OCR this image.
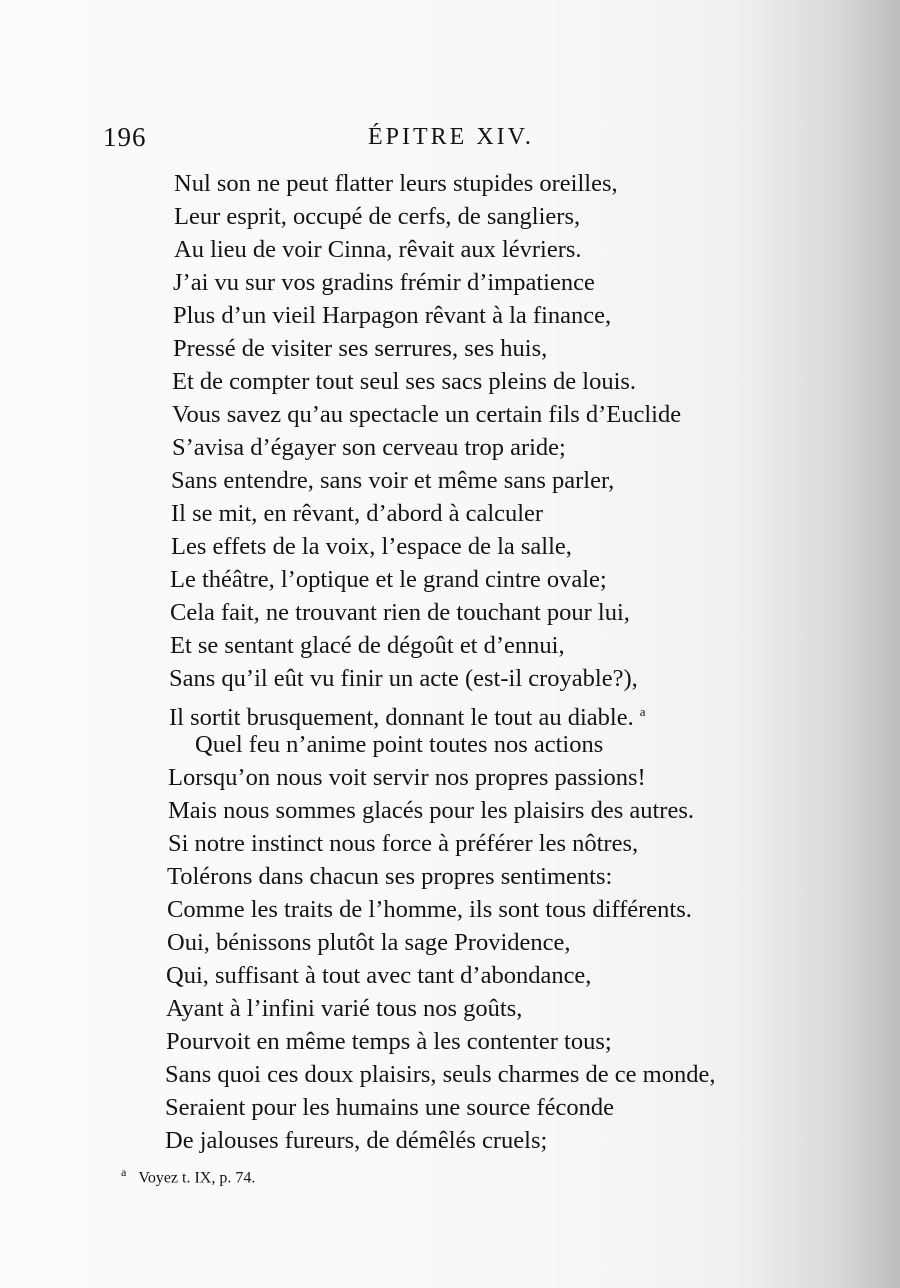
196	ÉPITRE XIV.
Nul son ne peut flatter leurs stupides oreilles,
Leur esprit, occupé de cerfs, de sangliers,
Au lieu de voir Cinna, rêvait aux lévriers.
J’ai vu sur vos gradins frémir d’impatience
Plus d’un vieil Harpagon rêvant à la finance,
Pressé de visiter ses serrures, ses huis,
Et de compter tout seul ses sacs pleins de louis.
Vous savez qu’au spectacle un certain fils d’Euclide
S’avisa d’égayer son cerveau trop aride;
Sans entendre, sans voir et même sans parler,
Il se mit, en rêvant, d’abord à calculer
Les effets de la voix, l’espace de la salle,
Le théâtre, l’optique et le grand cintre ovale;
Cela fait, ne trouvant rien de touchant pour lui,
Et se sentant glacé de dégoût et d’ennui,
Sans qu’il eût vu finir un acte (est-il croyable?),
Il sortit brusquement, donnant le tout au diable. $^a$
Quel feu n’anime point toutes nos actions
Lorsqu’on nous voit servir nos propres passions!
Mais nous sommes glacés pour les plaisirs des autres.
Si notre instinct nous force à préférer les nôtres,
Tolérons dans chacun ses propres sentiments:
Comme les traits de l’homme, ils sont tous différents.
Oui, bénissons plutôt la sage Providence,
Qui, suffisant à tout avec tant d’abondance,
Ayant à l’infini varié tous nos goûts,
Pourvoit en même temps à les contenter tous;
Sans quoi ces doux plaisirs, seuls charmes de ce monde,
Seraient pour les humains une source féconde
De jalouses fureurs, de démêlés cruels;
$^a$ Voyez t. IX, p. 74.
